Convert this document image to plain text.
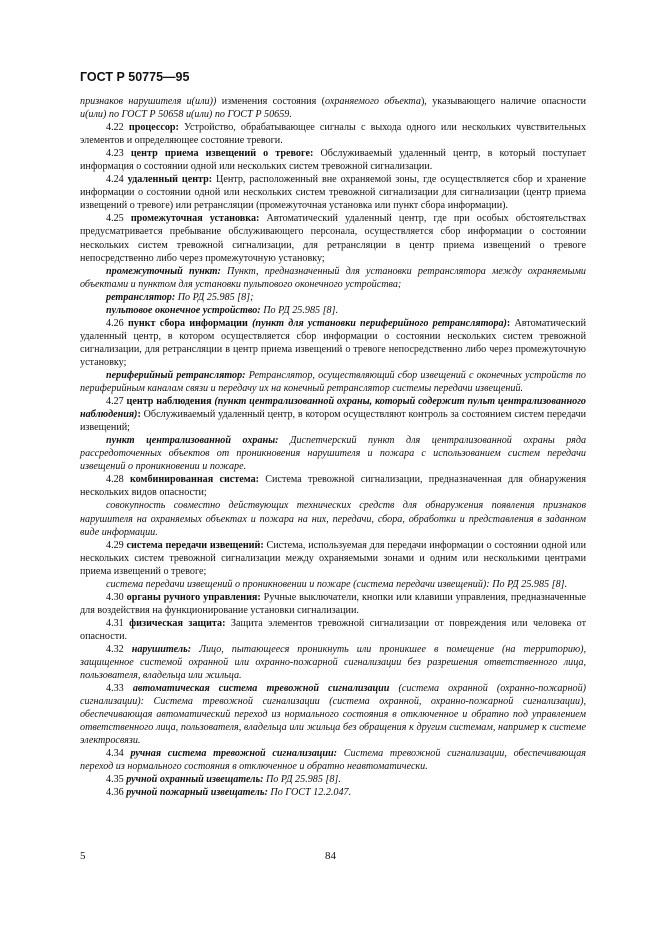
ГОСТ Р 50775—95

признаков нарушителя и(или)) изменения состояния (охраняемого объекта), указывающего наличие опасности и(или) по ГОСТ Р 50658 и(или) по ГОСТ Р 50659.

4.22 процессор: Устройство, обрабатывающее сигналы с выхода одного или нескольких чувствительных элементов и определяющее состояние тревоги.

4.23 центр приема извещений о тревоге: Обслуживаемый удаленный центр, в который поступает информация о состоянии одной или нескольких систем тревожной сигнализации.

4.24 удаленный центр: Центр, расположенный вне охраняемой зоны, где осуществляется сбор и хранение информации о состоянии одной или нескольких систем тревожной сигнализации для сигнализации (центр приема извещений о тревоге) или ретрансляции (промежуточная установка или пункт сбора информации).

4.25 промежуточная установка: Автоматический удаленный центр, где при особых обстоятельствах предусматривается пребывание обслуживающего персонала, осуществляется сбор информации о состоянии нескольких систем тревожной сигнализации, для ретрансляции в центр приема извещений о тревоге непосредственно либо через промежуточную установку;

промежуточный пункт: Пункт, предназначенный для установки ретранслятора между охраняемыми объектами и пунктом для установки пультового оконечного устройства;

ретранслятор: По РД 25.985 [8];

пультовое оконечное устройство: По РД 25.985 [8].

4.26 пункт сбора информации (пункт для установки периферийного ретранслятора): Автоматический удаленный центр, в котором осуществляется сбор информации о состоянии нескольких систем тревожной сигнализации, для ретрансляции в центр приема извещений о тревоге непосредственно либо через промежуточную установку;

периферийный ретранслятор: Ретранслятор, осуществляющий сбор извещений с оконечных устройств по периферийным каналам связи и передачу их на конечный ретранслятор системы передачи извещений.

4.27 центр наблюдения (пункт централизованной охраны, который содержит пульт централизованного наблюдения): Обслуживаемый удаленный центр, в котором осуществляют контроль за состоянием систем передачи извещений;

пункт централизованной охраны: Диспетчерский пункт для централизованной охраны ряда рассредоточенных объектов от проникновения нарушителя и пожара с использованием систем передачи извещений о проникновении и пожаре.

4.28 комбинированная система: Система тревожной сигнализации, предназначенная для обнаружения нескольких видов опасности;

совокупность совместно действующих технических средств для обнаружения появления признаков нарушителя на охраняемых объектах и пожара на них, передачи, сбора, обработки и представления в заданном виде информации.

4.29 система передачи извещений: Система, используемая для передачи информации о состоянии одной или нескольких систем тревожной сигнализации между охраняемыми зонами и одним или несколькими центрами приема извещений о тревоге;

система передачи извещений о проникновении и пожаре (система передачи извещений): По РД 25.985 [8].

4.30 органы ручного управления: Ручные выключатели, кнопки или клавиши управления, предназначенные для воздействия на функционирование установки сигнализации.

4.31 физическая защита: Защита элементов тревожной сигнализации от повреждения или человека от опасности.

4.32 нарушитель: Лицо, пытающееся проникнуть или проникшее в помещение (на территорию), защищенное системой охранной или охранно-пожарной сигнализации без разрешения ответственного лица, пользователя, владельца или жильца.

4.33 автоматическая система тревожной сигнализации (система охранной (охранно-пожарной) сигнализации): Система тревожной сигнализации (система охранной, охранно-пожарной сигнализации), обеспечивающая автоматический переход из нормального состояния в отключенное и обратно под управлением ответственного лица, пользователя, владельца или жильца без обращения к другим системам, например к системе электросвязи.

4.34 ручная система тревожной сигнализации: Система тревожной сигнализации, обеспечивающая переход из нормального состояния в отключенное и обратно неавтоматически.

4.35 ручной охранный извещатель: По РД 25.985 [8].

4.36 ручной пожарный извещатель: По ГОСТ 12.2.047.

5	84
